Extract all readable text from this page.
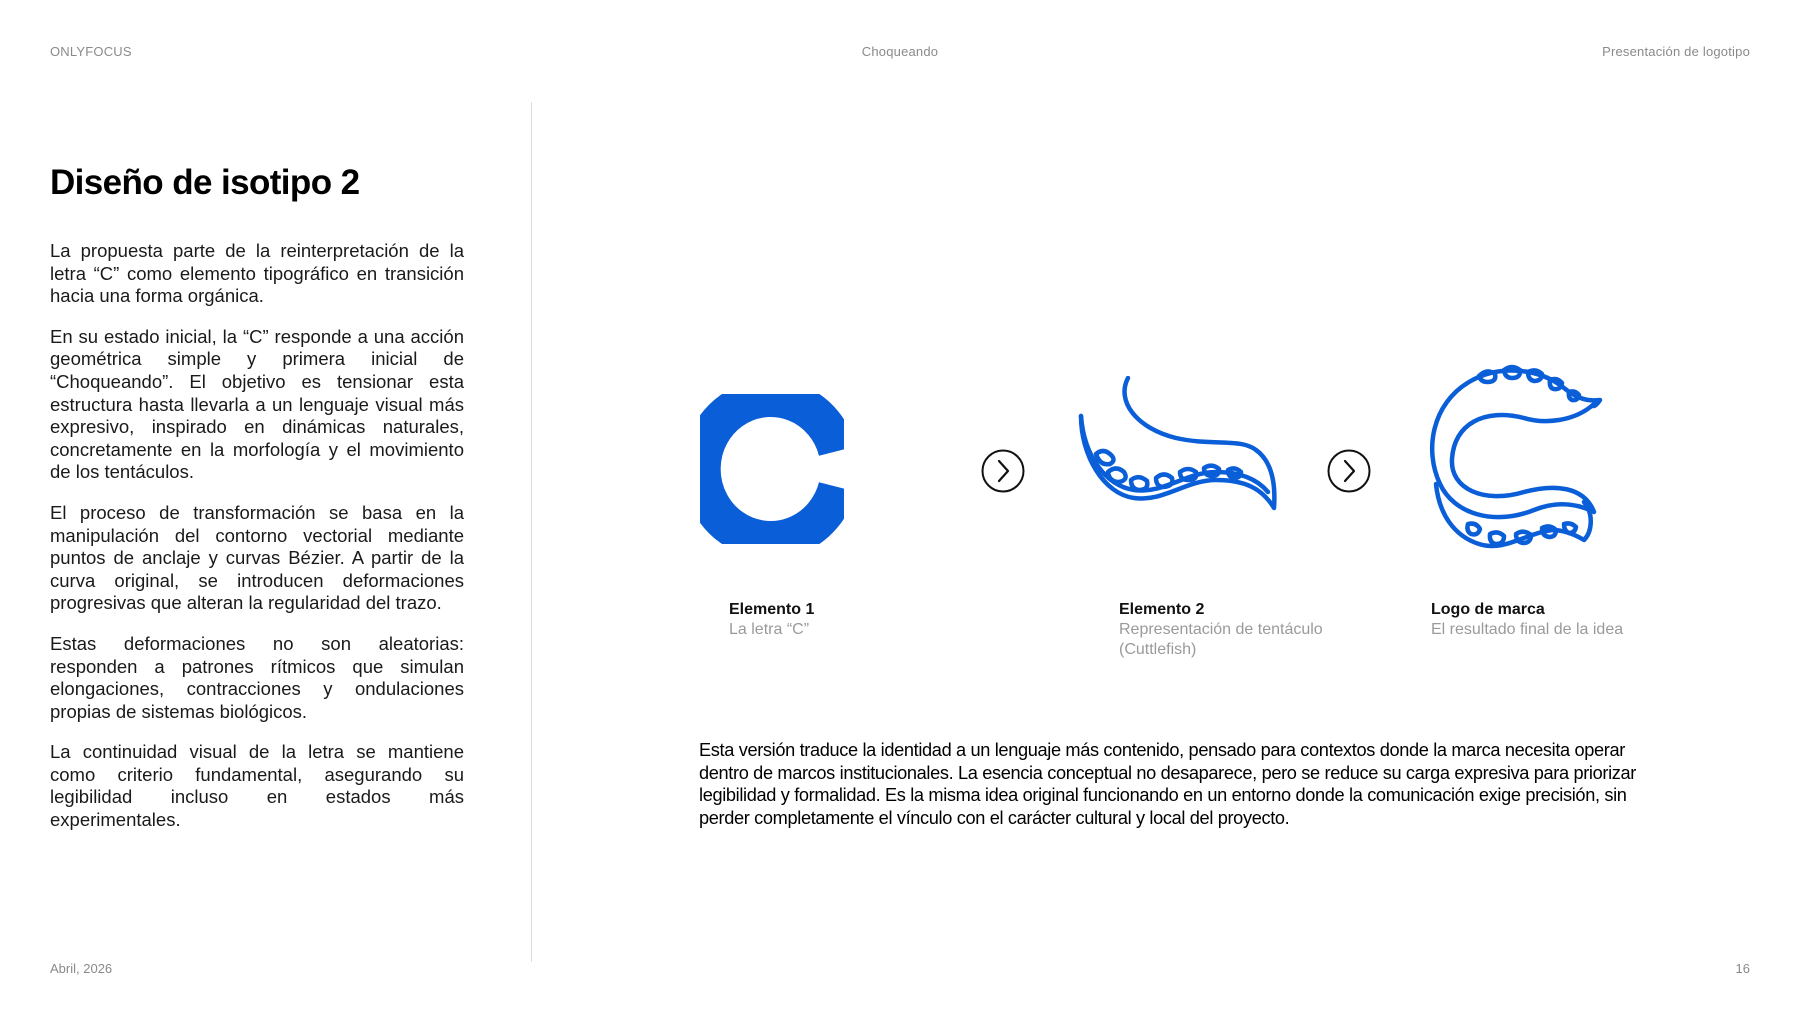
ONLYFOCUS	Choqueando	Presentación de logotipo
Diseño de isotipo 2

La propuesta parte de la reinterpretación de la letra “C” como elemento tipográfico en transición hacia una forma orgánica.

En su estado inicial, la “C” responde a una acción geométrica simple y primera inicial de “Choqueando”. El objetivo es tensionar esta estructura hasta llevarla a un lenguaje visual más expresivo, inspirado en dinámicas naturales, concretamente en la morfología y el movimiento de los tentáculos.

El proceso de transformación se basa en la manipulación del contorno vectorial mediante puntos de anclaje y curvas Bézier. A partir de la curva original, se introducen deformaciones progresivas que alteran la regularidad del trazo.

Estas deformaciones no son aleatorias: responden a patrones rítmicos que simulan elongaciones, contracciones y ondulaciones propias de sistemas biológicos.

La continuidad visual de la letra se mantiene como criterio fundamental, asegurando su legibilidad incluso en estados más experimentales.

Elemento 1
La letra “C”
Elemento 2
Representación de tentáculo (Cuttlefish)
Logo de marca
El resultado final de la idea

Esta versión traduce la identidad a un lenguaje más contenido, pensado para contextos donde la marca necesita operar dentro de marcos institucionales. La esencia conceptual no desaparece, pero se reduce su carga expresiva para priorizar legibilidad y formalidad. Es la misma idea original funcionando en un entorno donde la comunicación exige precisión, sin perder completamente el vínculo con el carácter cultural y local del proyecto.

Abril, 2026	16
